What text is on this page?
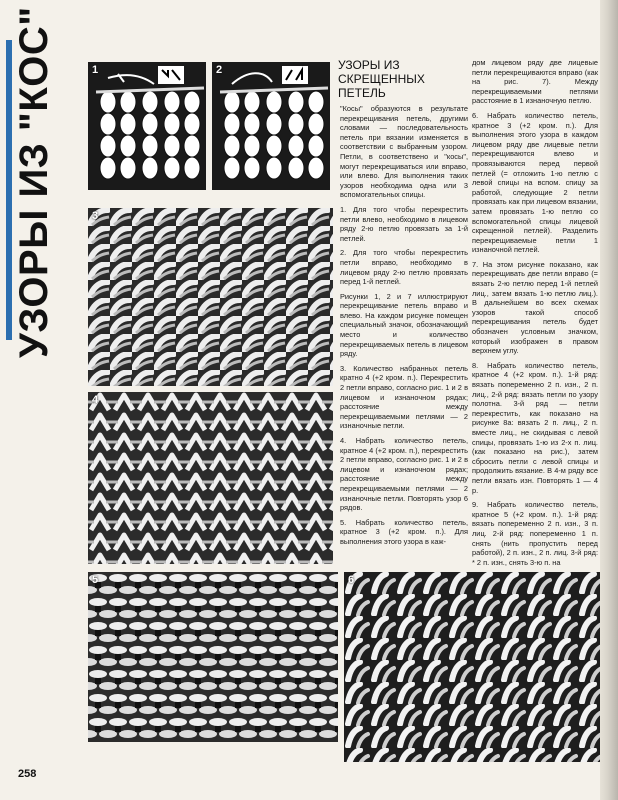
УЗОРЫ ИЗ "КОС"	1	2
3
4
5	6
УЗОРЫ ИЗ СКРЕЩЕННЫХ ПЕТЕЛЬ

"Косы" образуются в результате перекрещивания петель, другими словами — последовательность петель при вязании изменяется в соответствии с выбранным узором. Петли, в соответствено и "косы", могут перекрещиваться или вправо, или влево. Для выполнения таких узоров необходима одна или 3 вспомогательных спицы.

1. Для того чтобы перекрестить петли влево, необходимо в лицевом ряду 2-ю петлю провязать за 1-й петлей.

2. Для того чтобы перекрестить петли вправо, необходимо в лицевом ряду 2-ю петлю провязать перед 1-й петлей.

Рисунки 1, 2 и 7 иллюстрируют перекрещивание петель вправо и влево. На каждом рисунке помещен специальный значок, обозначающий место и количество перекрещиваемых петель в лицевом ряду.

3. Количество набранных петель кратно 4 (+2 кром. п.). Перекрестить 2 петли вправо, согласно рис. 1 и 2 в лицевом и изнаночном рядах; расстояние между перекрещиваемыми петлями — 2 изнаночные петли.

4. Набрать количество петель, кратное 4 (+2 кром. п.), перекрестить 2 петли вправо, согласно рис. 1 и 2 в лицевом и изнаночном рядах; расстояние между перекрещиваемыми петлями — 2 изнаночные петли. Повторять узор 6 рядов.

5. Набрать количество петель, кратное 3 (+2 кром. п.). Для выполнения этого узора в каж-

дом лицевом ряду две лицевые петли перекрещиваются вправо (как на рис. 7). Между перекрещиваемыми петлями расстояние в 1 изнаночную петлю.

6. Набрать количество петель, кратное 3 (+2 кром. п.). Для выполнения этого узора в каждом лицевом ряду две лицевые петли перекрещиваются влево и провязываются перед первой петлей (= отложить 1-ю петлю с левой спицы на вспом. спицу за работой, следующие 2 петли провязать как при лицевом вязании, затем провязать 1-ю петлю со вспомогательной спицы лицевой скрещенной петлей). Разделить перекрещиваемые петли 1 изнаночной петлей.

7. На этом рисунке показано, как перекрещивать две петли вправо (= вязать 2-ю петлю перед 1-й петлей лиц., затем вязать 1-ю петлю лиц.). В дальнейшем во всех схемах узоров такой способ перекрещивания петель будет обозначен условным значком, который изображен в правом верхнем углу.

8. Набрать количество петель, кратное 4 (+2 кром. п.). 1-й ряд: вязать попеременно 2 п. изн., 2 п. лиц., 2-й ряд: вязать петли по узору полотна. 3-й ряд — петли перекрестить, как показано на рисунке 8а: вязать 2 п. лиц., 2 п. вместе лиц., не скидывая с левой спицы, провязать 1-ю из 2-х п. лиц. (как показано на рис.), затем сбросить петли с левой спицы и продолжить вязание. В 4-м ряду все петли вязать изн. Повторять 1 — 4 р.

9. Набрать количество петель, кратное 5 (+2 кром. п.). 1-й ряд: вязать попеременно 2 п. изн., 3 п. лиц. 2-й ряд: попеременно 1 п. снять (нить пропустить перед работой), 2 п. изн., 2 п. лиц. 3-й ряд: * 2 п. изн., снять 3-ю п. на

258
